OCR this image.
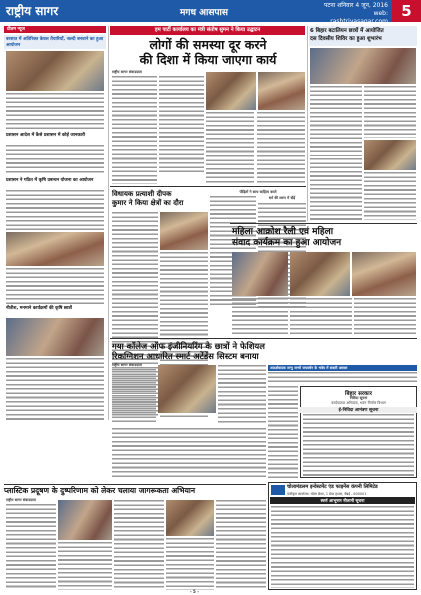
राष्ट्रीय सागर	मगध आसपास
पटना शनिवार 4 जून, 2016
web: rashtriyasagar.com
5
प्रीतम न्यूज
बरसात में अतिरिक्त केवल तैयारियाँ, जल्दी बनवाने का हुआ आयोजन
प्रशासन आदेश में कैसे प्रशासन में कोई जानकारी
प्रशासन ने गठित में कृषि प्रबन्धन योजना का आयोजन
नीतीश, मनमाने कार्यक्रमों की कृषि छात्रों
हम पार्टी कार्यालय का मंत्री संतोष सुमन ने किया उद्घाटन
लोगों की समस्या दूर करने
की दिशा में किया जाएगा कार्य
राष्ट्रीय सागर संवाददाता
6 बिहार बटालियन छात्रों में आयोजित
दस दिवसीय शिविर का हुआ शुभारंभ
विधायक प्रत्याशी दीपक
कुमार ने किया क्षेत्रों का दौरा
पीड़ितों ने साथ साहित्य करते
धर्म की शरण में दौड़ें
महिला आक्रोश रैली एवं महिला
संवाद कार्यक्रम का हुआ आयोजन
गया कॉलेज ऑफ इंजीनियरिंग के छात्रों ने फेशियल
रिकग्निशन आधारित स्मार्ट अटेंडेंस सिस्टम बनाया
राष्ट्रीय सागर संवाददाता
आदर्शवादक जन्मु जन्मों जयवर्धन के भवेय में सवारी अवसर
बिहार सरकार
निविदा सूचना
कार्यपालक अभियंता, भवन निर्माण विभाग
ई-निविदा आमंत्रण सूचना
प्लास्टिक प्रदूषण के दुष्परिणाम को लेकर चलाया जागरूकता अभियान
राष्ट्रीय सागर संवाददाता
चोलामंडलम इन्वेस्टमेंट एंड फाइनेंस कंपनी लिमिटेड
पंजीकृत कार्यालय: चोला क्रेस्ट, 1 डेयर हाउस, चेन्नई - 600001
स्वर्ण आभूषण नीलामी सूचना
- 5 -
